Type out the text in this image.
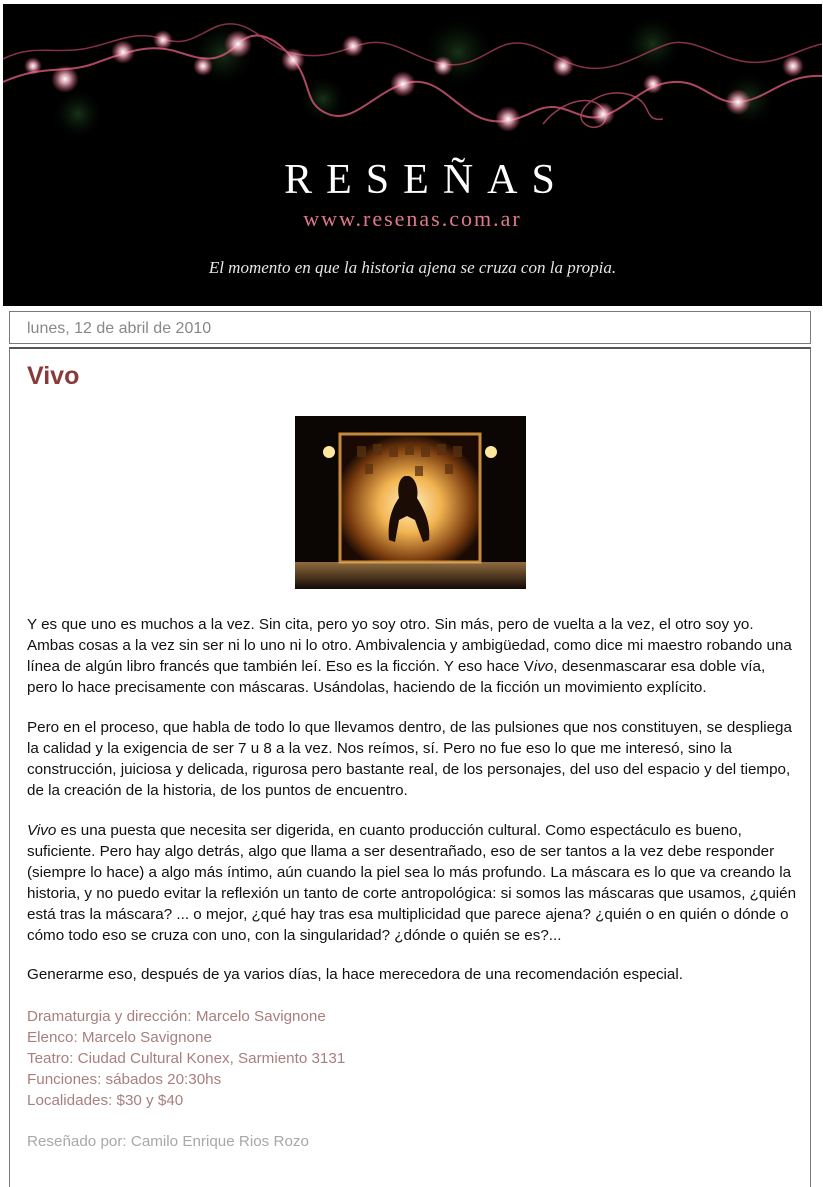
RESEÑAS
www.resenas.com.ar
El momento en que la historia ajena se cruza con la propia.
lunes, 12 de abril de 2010
Vivo

Y es que uno es muchos a la vez. Sin cita, pero yo soy otro. Sin más, pero de vuelta a la vez, el otro soy yo. Ambas cosas a la vez sin ser ni lo uno ni lo otro. Ambivalencia y ambigüedad, como dice mi maestro robando una línea de algún libro francés que también leí. Eso es la ficción. Y eso hace Vivo, desenmascarar esa doble vía, pero lo hace precisamente con máscaras. Usándolas, haciendo de la ficción un movimiento explícito.

Pero en el proceso, que habla de todo lo que llevamos dentro, de las pulsiones que nos constituyen, se despliega la calidad y la exigencia de ser 7 u 8 a la vez. Nos reímos, sí. Pero no fue eso lo que me interesó, sino la construcción, juiciosa y delicada, rigurosa pero bastante real, de los personajes, del uso del espacio y del tiempo, de la creación de la historia, de los puntos de encuentro.

Vivo es una puesta que necesita ser digerida, en cuanto producción cultural. Como espectáculo es bueno, suficiente. Pero hay algo detrás, algo que llama a ser desentrañado, eso de ser tantos a la vez debe responder (siempre lo hace) a algo más íntimo, aún cuando la piel sea lo más profundo. La máscara es lo que va creando la historia, y no puedo evitar la reflexión un tanto de corte antropológica: si somos las máscaras que usamos, ¿quién está tras la máscara? ... o mejor, ¿qué hay tras esa multiplicidad que parece ajena? ¿quién o en quién o dónde o cómo todo eso se cruza con uno, con la singularidad? ¿dónde o quién se es?...

Generarme eso, después de ya varios días, la hace merecedora de una recomendación especial.

Dramaturgia y dirección: Marcelo Savignone
Elenco: Marcelo Savignone
Teatro: Ciudad Cultural Konex, Sarmiento 3131
Funciones: sábados 20:30hs
Localidades: $30 y $40
Reseñado por: Camilo Enrique Rios Rozo
